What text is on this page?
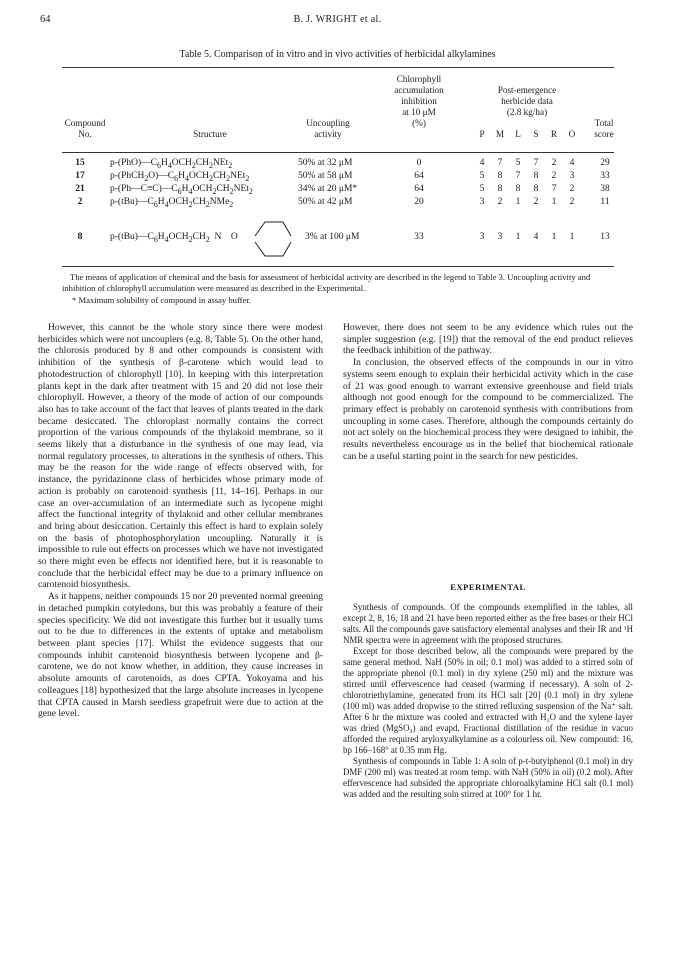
64	B. J. WRIGHT et al.
Table 5. Comparison of in vitro and in vivo activities of herbicidal alkylamines
Compound
No.	Structure
Uncoupling
activity
Chlorophyll
accumulation
inhibition
at 10 μM
(%)
Post-emergence
herbicide data
(2.8 kg/ha)
P M L S R O
Total
score
15	$p-(PhO)—C_6H_4OCH_2CH_2NEt_2$	50% at 32 μM	0	4 7 5 7 2 4	29
17	$p-(PhCH_2O)—C_6H_4OCH_2CH_2NEt_2$	50% at 58 μM	64	5 8 7 8 2 3	33
21	$p-(Ph—C\equiv C)—C_6H_4OCH_2CH_2NEt_2$	34% at 20 μM*	64	5 8 8 8 7 2	38
2	$p-(tBu)—C_6H_4OCH_2CH_2NMe_2$	50% at 42 μM	20	3 2 1 2 1 2	11
8	$p-(tBu)—C_6H_4OCH_2CH_2$  N    O	3% at 100 μM	33	3 3 1 4 1 1	13
The means of application of chemical and the basis for assessment of herbicidal activity are described in the legend to Table 3. Uncoupling activity and inhibition of chlorophyll accumulation were measured as described in the Experimental.
* Maximum solubility of compound in assay buffer.

However, this cannot be the whole story since there were modest herbicides which were not uncouplers (e.g. 8, Table 5). On the other hand, the chlorosis produced by 8 and other compounds is consistent with inhibition of the synthesis of β-carotene which would lead to photodestruction of chlorophyll [10]. In keeping with this interpretation plants kept in the dark after treatment with 15 and 20 did not lose their chlorophyll. However, a theory of the mode of action of our compounds also has to take account of the fact that leaves of plants treated in the dark became desiccated. The chloroplast normally contains the correct proportion of the various compounds of the thylakoid membrane, so it seems likely that a disturbance in the synthesis of one may lead, via normal regulatory processes, to alterations in the synthesis of others. This may be the reason for the wide range of effects observed with, for instance, the pyridazinone class of herbicides whose primary mode of action is probably on carotenoid synthesis [11, 14–16]. Perhaps in our case an over-accumulation of an intermediate such as lycopene might affect the functional integrity of thylakoid and other cellular membranes and bring about desiccation. Certainly this effect is hard to explain solely on the basis of photophosphorylation uncoupling. Naturally it is impossible to rule out effects on processes which we have not investigated so there might even be effects not identified here, but it is reasonable to conclude that the herbicidal effect may be due to a primary influence on carotenoid biosynthesis.

As it happens, neither compounds 15 nor 20 prevented normal greening in detached pumpkin cotyledons, but this was probably a feature of their species specificity. We did not investigate this further but it usually turns out to be due to differences in the extents of uptake and metabolism between plant species [17]. Whilst the evidence suggests that our compounds inhibit carotenoid biosynthesis between lycopene and β-carotene, we do not know whether, in addition, they cause increases in absolute amounts of carotenoids, as does CPTA. Yokoyama and his colleagues [18] hypothesized that the large absolute increases in lycopene that CPTA caused in Marsh seedless grapefruit were due to action at the gene level.

However, there does not seem to be any evidence which rules out the simpler suggestion (e.g. [19]) that the removal of the end product relieves the feedback inhibition of the pathway.

In conclusion, the observed effects of the compounds in our in vitro systems seem enough to explain their herbicidal activity which in the case of 21 was good enough to warrant extensive greenhouse and field trials although not good enough for the compound to be commercialized. The primary effect is probably on carotenoid synthesis with contributions from uncoupling in some cases. Therefore, although the compounds certainly do not act solely on the biochemical process they were designed to inhibit, the results nevertheless encourage us in the belief that biochemical rationale can be a useful starting point in the search for new pesticides.

EXPERIMENTAL

Synthesis of compounds. Of the compounds exemplified in the tables, all except 2, 8, 16, 18 and 21 have been reported either as the free bases or their HCl salts. All the compounds gave satisfactory elemental analyses and their IR and ¹H NMR spectra were in agreement with the proposed structures.

Except for those described below, all the compounds were prepared by the same general method. NaH (50% in oil; 0.1 mol) was added to a stirred soln of the appropriate phenol (0.1 mol) in dry xylene (250 ml) and the mixture was stirred until effervescence had ceased (warming if necessary). A soln of 2-chlorotriethylamine, generated from its HCl salt [20] (0.1 mol) in dry xylene (100 ml) was added dropwise to the stirred refluxing suspension of the Na⁺ salt. After 6 hr the mixture was cooled and extracted with H₂O and the xylene layer was dried (MgSO₄) and evapd. Fractional distillation of the residue in vacuo afforded the required aryloxyalkylamine as a colourless oil. New compound: 16, bp 166–168° at 0.35 mm Hg.

Synthesis of compounds in Table 1: A soln of p-t-butylphenol (0.1 mol) in dry DMF (200 ml) was treated at room temp. with NaH (50% in oil) (0.2 mol). After effervescence had subsided the appropriate chloroalkylamine HCl salt (0.1 mol) was added and the resulting soln stirred at 100° for 1 hr.
